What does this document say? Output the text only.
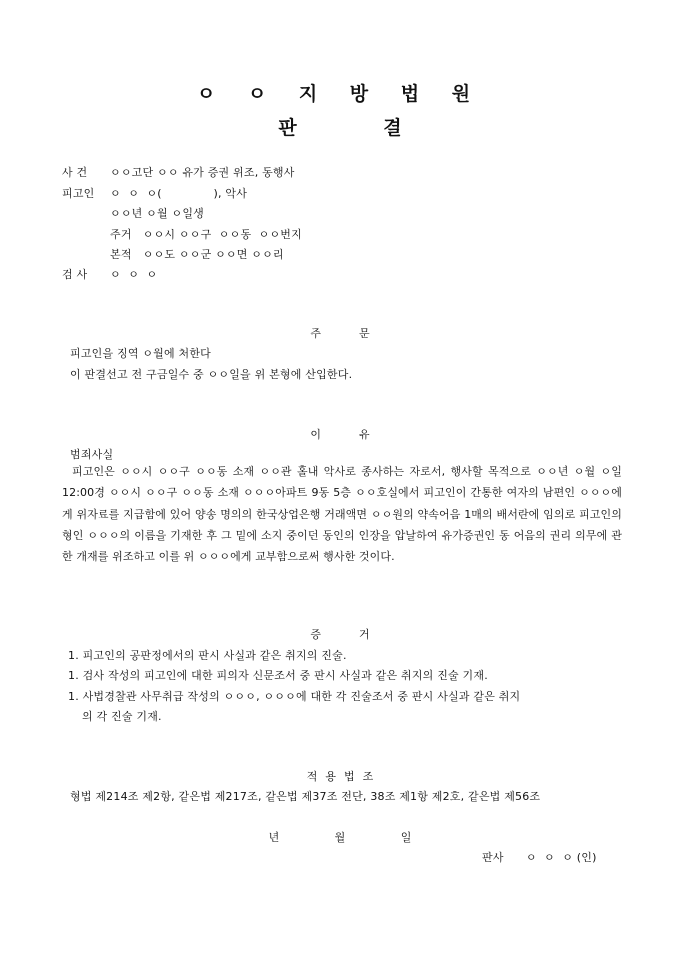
ㅇ ㅇ 지 방 법 원
판 결
사 건 ㅇㅇ고단 ㅇㅇ 유가 증권 위조, 동행사
피고인 ㅇ  ㅇ  ㅇ(              ), 악사
ㅇㅇ년 ㅇ월 ㅇ일생
주거   ㅇㅇ시 ㅇㅇ구  ㅇㅇ동  ㅇㅇ번지
본적   ㅇㅇ도 ㅇㅇ군 ㅇㅇ면 ㅇㅇ리
검 사 ㅇ  ㅇ  ㅇ
주문
피고인을 징역 ㅇ월에 처한다
이 판결선고 전 구금일수 중 ㅇㅇ일을 위 본형에 산입한다.
이유
범죄사실
피고인은 ㅇㅇ시 ㅇㅇ구 ㅇㅇ동 소재 ㅇㅇ관 홀내 악사로 종사하는 자로서, 행사할 목적으로 ㅇㅇ년 ㅇ월 ㅇ일 12:00경 ㅇㅇ시 ㅇㅇ구 ㅇㅇ동 소재 ㅇㅇㅇ아파트 9동 5층 ㅇㅇ호실에서 피고인이 간통한 여자의 남편인 ㅇㅇㅇ에게 위자료를 지급함에 있어 양송 명의의 한국상업은행 거래액면 ㅇㅇ원의 약속어음 1매의 배서란에 임의로 피고인의 형인 ㅇㅇㅇ의 이름을 기재한 후 그 밑에 소지 중이던 동인의 인장을 압날하여 유가증권인 동 어음의 권리 의무에 관한 개재를 위조하고 이를 위 ㅇㅇㅇ에게 교부함으로써 행사한 것이다.
증거
1. 피고인의 공판정에서의 판시 사실과 같은 취지의 진술.
1. 검사 작성의 피고인에 대한 피의자 신문조서 중 판시 사실과 같은 취지의 진술 기재.
1. 사법경찰관 사무취급 작성의 ㅇㅇㅇ, ㅇㅇㅇ에 대한 각 진술조서 중 판시 사실과 같은 취지
의 각 진술 기재.
적용법조
형법 제214조 제2항, 같은법 제217조, 같은법 제37조 전단, 38조 제1항 제2호, 같은법 제56조
년 월 일
판사      ㅇ  ㅇ  ㅇ (인)
